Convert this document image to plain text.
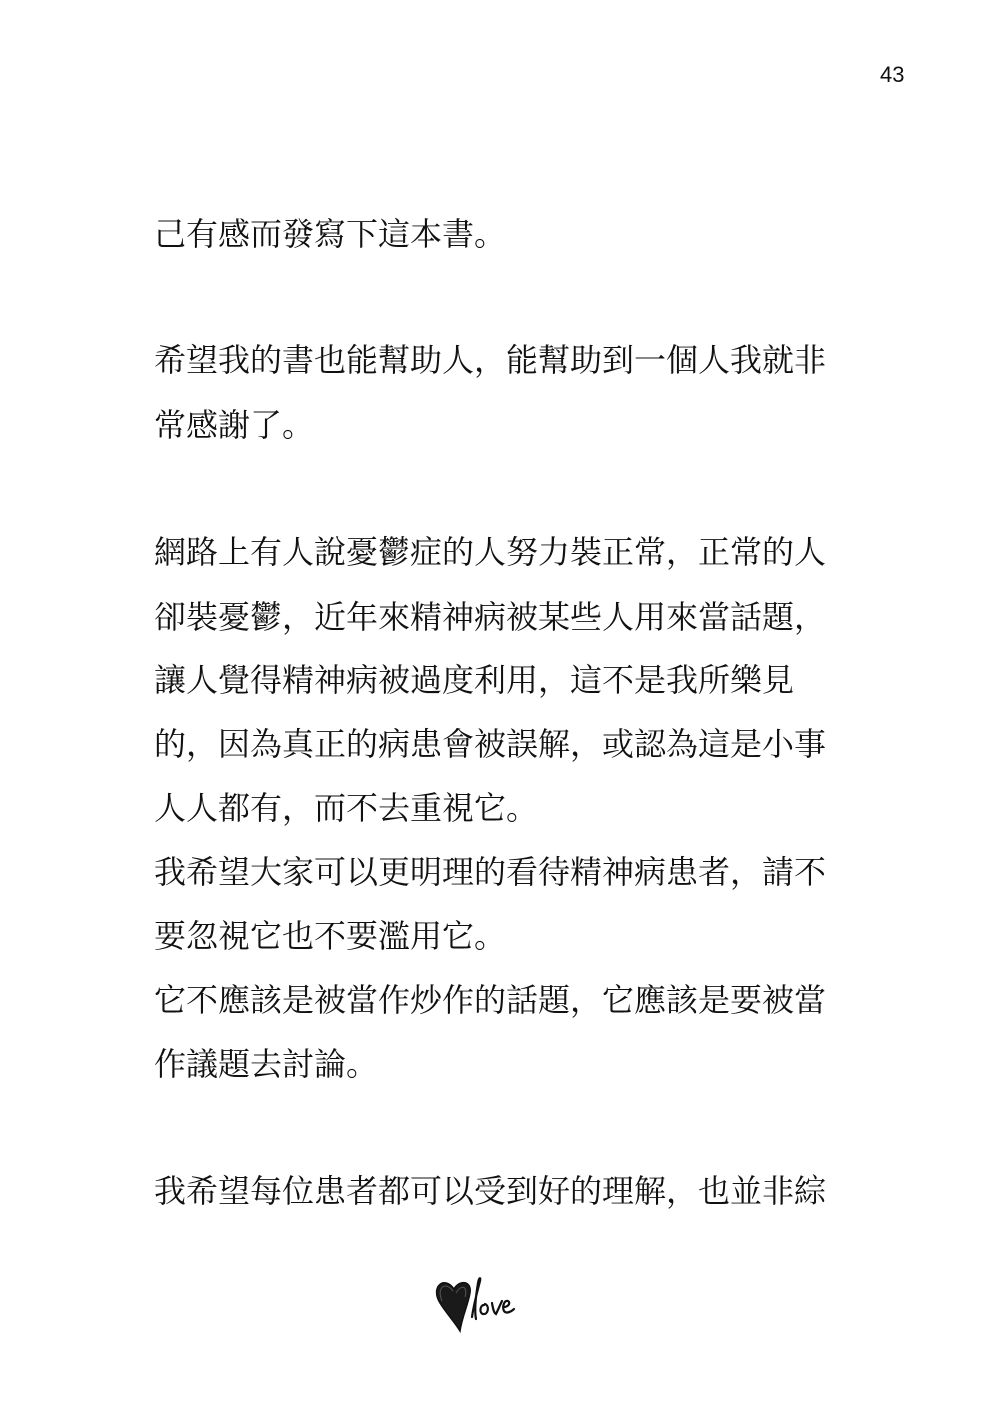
43
己有感而發寫下這本書。
希望我的書也能幫助人，能幫助到一個人我就非
常感謝了。
網路上有人說憂鬱症的人努力裝正常，正常的人
卻裝憂鬱，近年來精神病被某些人用來當話題，
讓人覺得精神病被過度利用，這不是我所樂見
的，因為真正的病患會被誤解，或認為這是小事
人人都有，而不去重視它。
我希望大家可以更明理的看待精神病患者，請不
要忽視它也不要濫用它。
它不應該是被當作炒作的話題，它應該是要被當
作議題去討論。
我希望每位患者都可以受到好的理解，也並非綜
